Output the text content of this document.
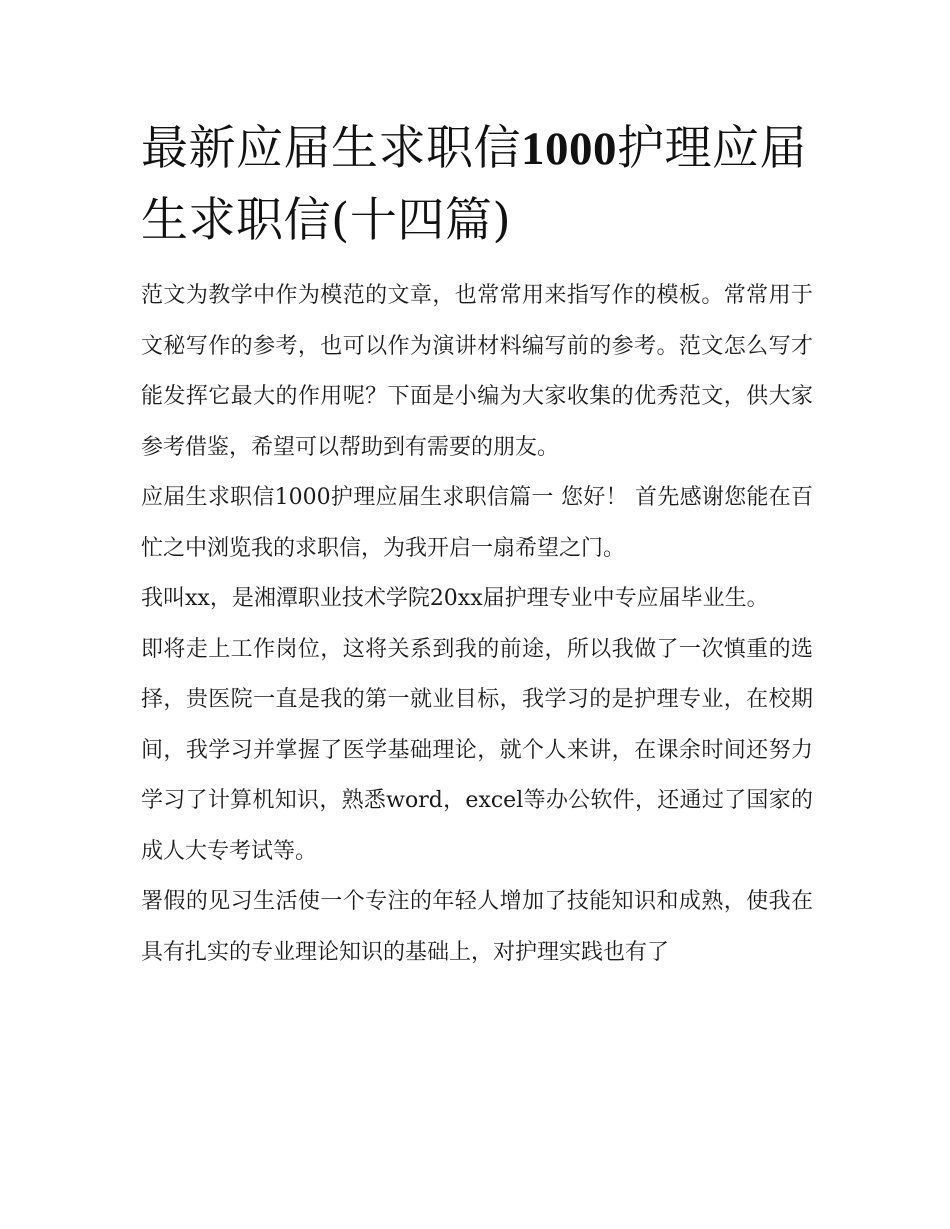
最新应届生求职信1000护理应届生求职信(十四篇)

范文为教学中作为模范的文章，也常常用来指写作的模板。常常用于文秘写作的参考，也可以作为演讲材料编写前的参考。范文怎么写才能发挥它最大的作用呢？下面是小编为大家收集的优秀范文，供大家参考借鉴，希望可以帮助到有需要的朋友。

应届生求职信1000护理应届生求职信篇一 您好！ 首先感谢您能在百忙之中浏览我的求职信，为我开启一扇希望之门。

我叫xx，是湘潭职业技术学院20xx届护理专业中专应届毕业生。

即将走上工作岗位，这将关系到我的前途，所以我做了一次慎重的选择，贵医院一直是我的第一就业目标，我学习的是护理专业，在校期间，我学习并掌握了医学基础理论，就个人来讲，在课余时间还努力学习了计算机知识，熟悉word，excel等办公软件，还通过了国家的成人大专考试等。

署假的见习生活使一个专注的年轻人增加了技能知识和成熟，使我在具有扎实的专业理论知识的基础上，对护理实践也有了
